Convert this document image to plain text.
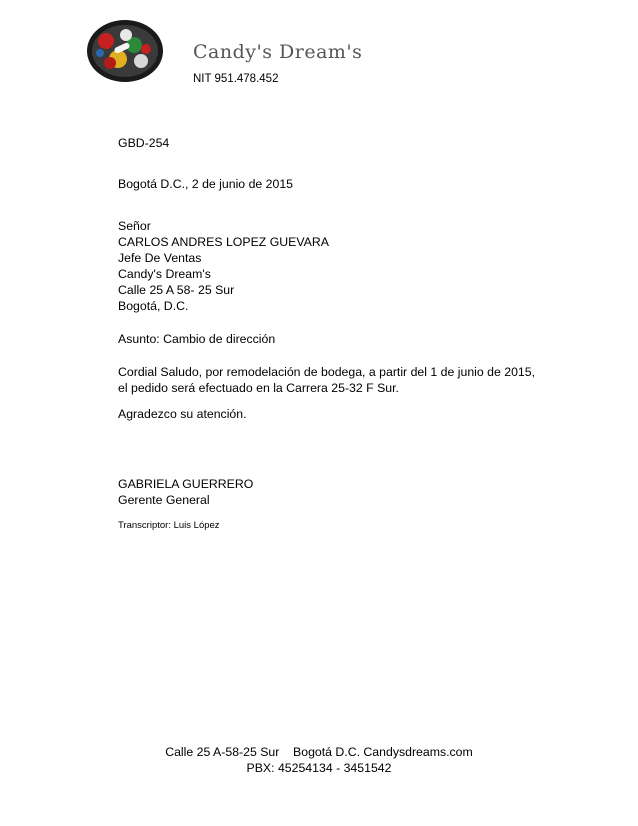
Candy's Dream's
NIT 951.478.452
GBD-254
Bogotá D.C., 2 de junio de 2015
Señor
CARLOS ANDRES LOPEZ GUEVARA
Jefe De Ventas
Candy's Dream's
Calle 25 A 58- 25 Sur
Bogotá, D.C.
Asunto: Cambio de dirección
Cordial Saludo, por remodelación de bodega, a partir del 1 de junio de 2015,
el pedido será efectuado en la Carrera 25-32 F Sur.
Agradezco su atención.
GABRIELA GUERRERO
Gerente General
Transcriptor: Luis López
Calle 25 A-58-25 Sur    Bogotá D.C. Candysdreams.com
PBX: 45254134 - 3451542
